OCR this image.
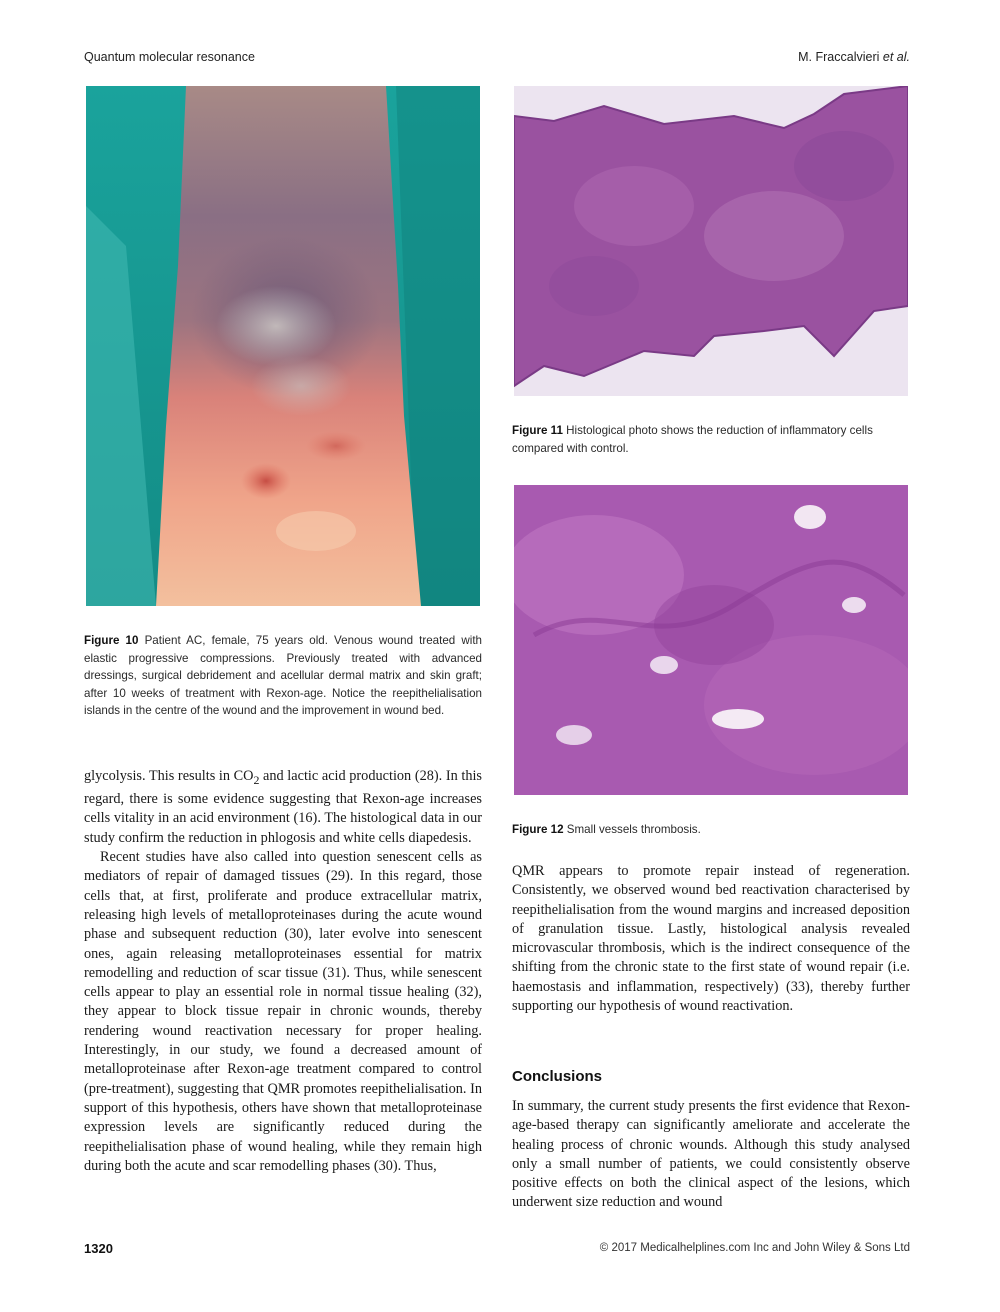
Quantum molecular resonance	M. Fraccalvieri et al.
Figure 10 Patient AC, female, 75 years old. Venous wound treated with elastic progressive compressions. Previously treated with advanced dressings, surgical debridement and acellular dermal matrix and skin graft; after 10 weeks of treatment with Rexon-age. Notice the reepithelialisation islands in the centre of the wound and the improvement in wound bed.
Figure 11 Histological photo shows the reduction of inflammatory cells compared with control.
Figure 12 Small vessels thrombosis.

glycolysis. This results in $CO_2$ and lactic acid production (28). In this regard, there is some evidence suggesting that Rexon-age increases cells vitality in an acid environment (16). The histological data in our study confirm the reduction in phlogosis and white cells diapedesis.

Recent studies have also called into question senescent cells as mediators of repair of damaged tissues (29). In this regard, those cells that, at first, proliferate and produce extracellular matrix, releasing high levels of metalloproteinases during the acute wound phase and subsequent reduction (30), later evolve into senescent ones, again releasing metalloproteinases essential for matrix remodelling and reduction of scar tissue (31). Thus, while senescent cells appear to play an essential role in normal tissue healing (32), they appear to block tissue repair in chronic wounds, thereby rendering wound reactivation necessary for proper healing. Interestingly, in our study, we found a decreased amount of metalloproteinase after Rexon-age treatment compared to control (pre-treatment), suggesting that QMR promotes reepithelialisation. In support of this hypothesis, others have shown that metalloproteinase expression levels are significantly reduced during the reepithelialisation phase of wound healing, while they remain high during both the acute and scar remodelling phases (30). Thus,

QMR appears to promote repair instead of regeneration. Consistently, we observed wound bed reactivation characterised by reepithelialisation from the wound margins and increased deposition of granulation tissue. Lastly, histological analysis revealed microvascular thrombosis, which is the indirect consequence of the shifting from the chronic state to the first state of wound repair (i.e. haemostasis and inflammation, respectively) (33), thereby further supporting our hypothesis of wound reactivation.

Conclusions

In summary, the current study presents the first evidence that Rexon-age-based therapy can significantly ameliorate and accelerate the healing process of chronic wounds. Although this study analysed only a small number of patients, we could consistently observe positive effects on both the clinical aspect of the lesions, which underwent size reduction and wound

1320	© 2017 Medicalhelplines.com Inc and John Wiley & Sons Ltd
